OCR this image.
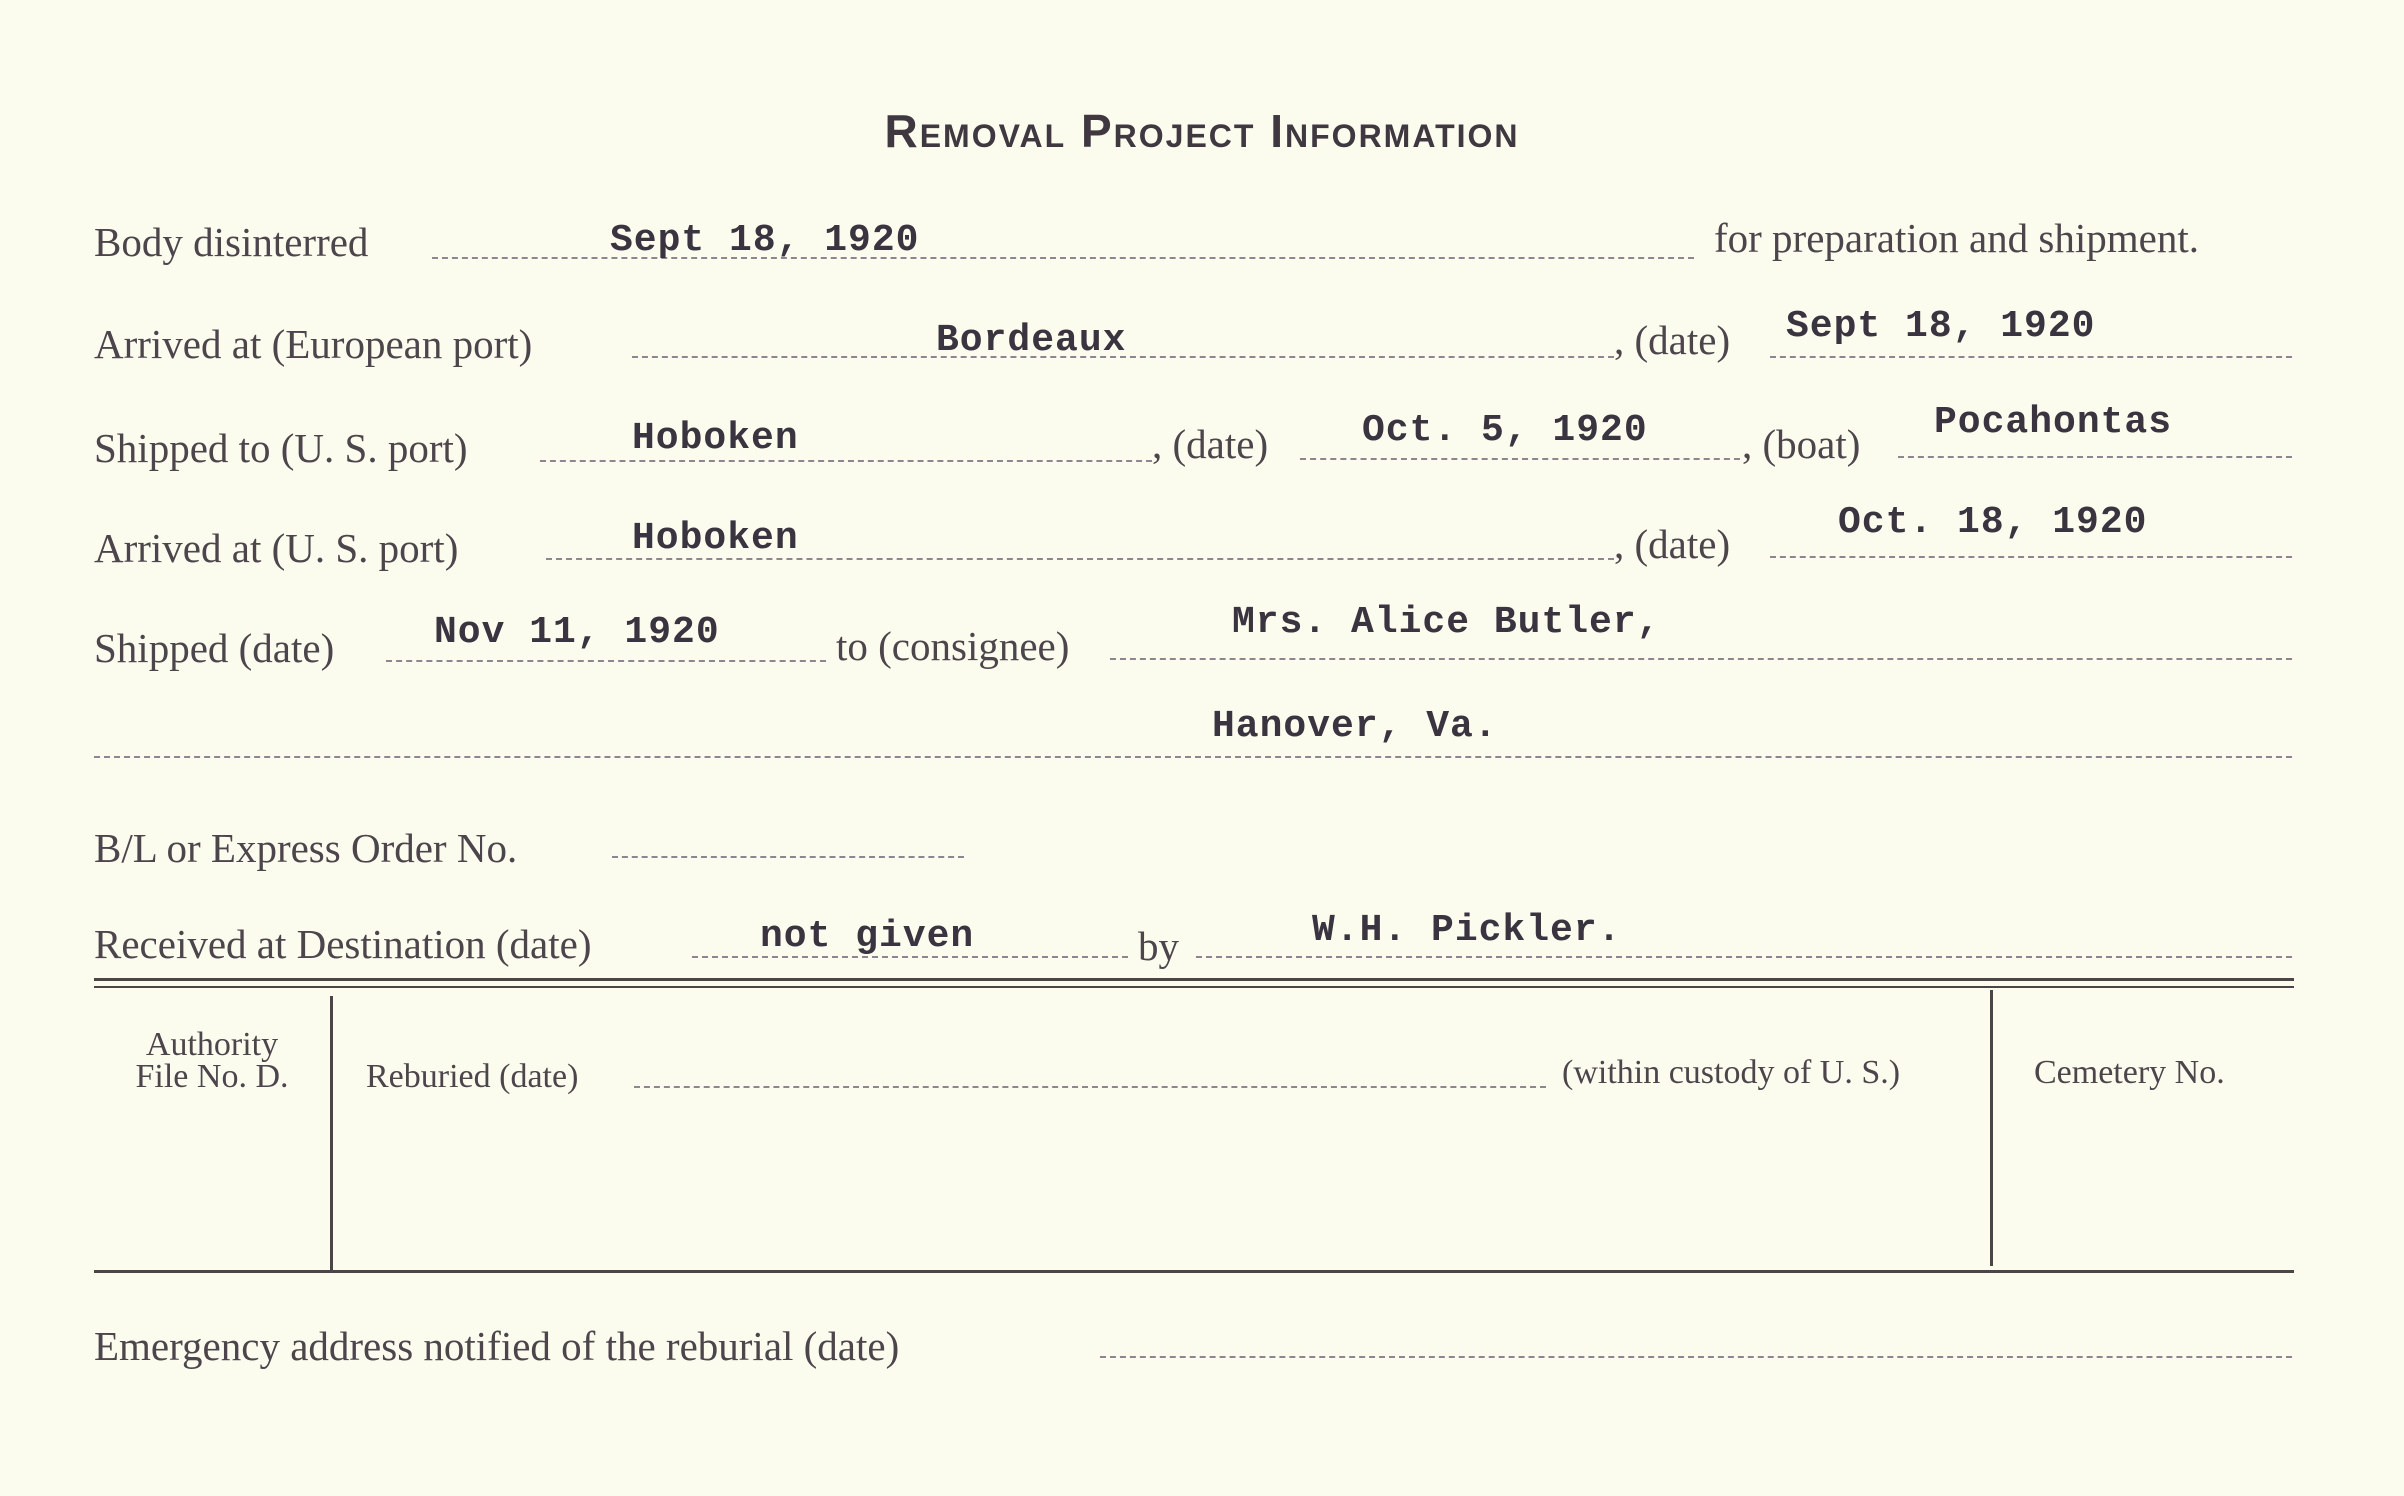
Removal Project Information
Body disinterred	Sept 18, 1920	for preparation and shipment.
Arrived at (European port)	Bordeaux	, (date) Sept 18, 1920
Shipped to (U. S. port)	Hoboken	, (date) Oct. 5, 1920 , (boat) Pocahontas
Arrived at (U. S. port)	Hoboken	, (date)	Oct. 18, 1920
Shipped (date)	Nov 11, 1920	to (consignee)
Mrs. Alice Butler,
Hanover, Va.
B/L or Express Order No.
Received at Destination (date)	not given	by	W.H. Pickler.
Authority
File No. D.	Reburied (date)	(within custody of U. S.)	Cemetery No.
Emergency address notified of the reburial (date)
